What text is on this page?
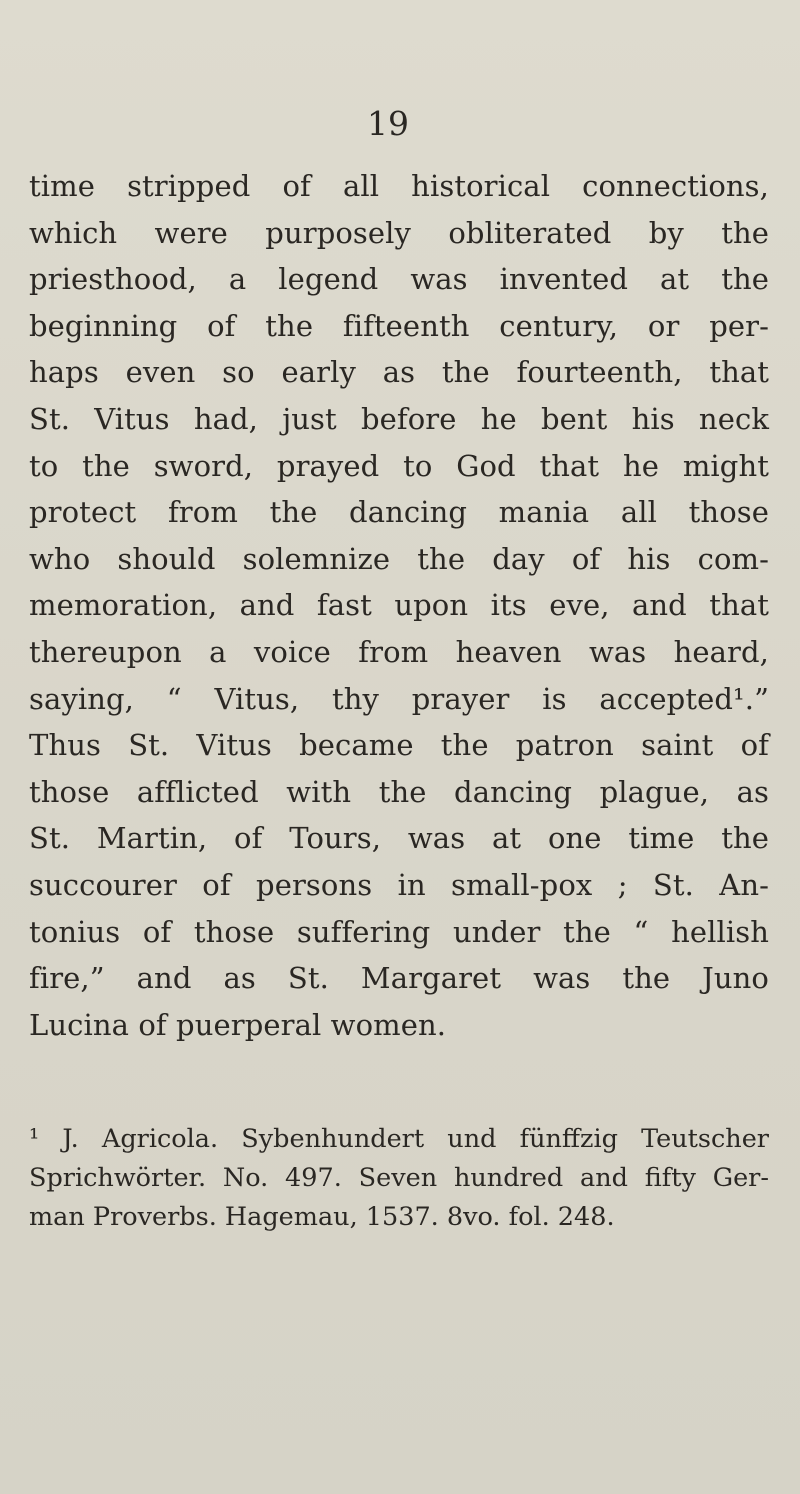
19
time stripped of all historical connections,
which were purposely obliterated by the
priesthood, a legend was invented at the
beginning of the fifteenth century, or per-
haps even so early as the fourteenth, that
St. Vitus had, just before he bent his neck
to the sword, prayed to God that he might
protect from the dancing mania all those
who should solemnize the day of his com-
memoration, and fast upon its eve, and that
thereupon a voice from heaven was heard,
saying, “ Vitus, thy prayer is accepted¹.”
Thus St. Vitus became the patron saint of
those afflicted with the dancing plague, as
St. Martin, of Tours, was at one time the
succourer of persons in small-pox ; St. An-
tonius of those suffering under the “ hellish
fire,” and as St. Margaret was the Juno
Lucina of puerperal women.
¹ J. Agricola. Sybenhundert und fünffzig Teutscher
Sprichwörter. No. 497. Seven hundred and fifty Ger-
man Proverbs. Hagemau, 1537. 8vo. fol. 248.
